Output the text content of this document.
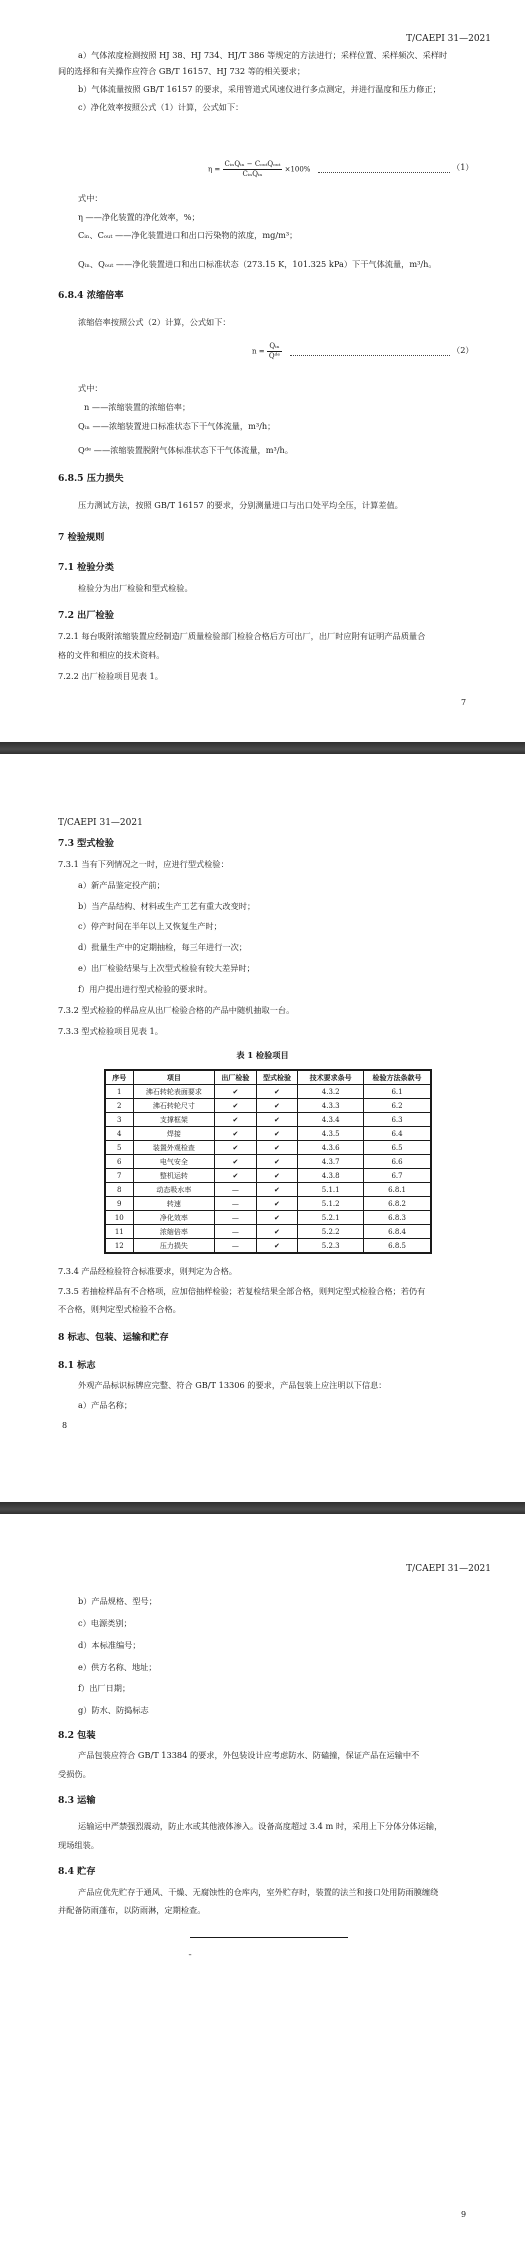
T/CAEPI 31—2021
a）气体浓度检测按照 HJ 38、HJ 734、HJ/T 386 等规定的方法进行；采样位置、采样频次、采样时
间的选择和有关操作应符合 GB/T 16157、HJ 732 等的相关要求；
b）气体流量按照 GB/T 16157 的要求，采用管道式风速仪进行多点测定，并进行温度和压力修正；
c）净化效率按照公式（1）计算，公式如下：
$\eta = \frac{\text{CᵢₙQᵢₙ − CₒᵤₜQₒᵤₜ}}{\text{CᵢₙQᵢₙ}} \times 100\%$	（1）
式中：
η ——净化装置的净化效率，%；
Cᵢₙ、Cₒᵤₜ ——净化装置进口和出口污染物的浓度，mg/m³；
Qᵢₙ、Qₒᵤₜ ——净化装置进口和出口标准状态（273.15 K，101.325 kPa）下干气体流量，m³/h。
6.8.4 浓缩倍率
浓缩倍率按照公式（2）计算，公式如下：
$n = \frac{\text{Qᵢₙ}}{\text{Qᵈᵉ}}$	（2）
式中：
n ——浓缩装置的浓缩倍率；
Qᵢₙ ——浓缩装置进口标准状态下干气体流量，m³/h；
Qᵈᵉ ——浓缩装置脱附气体标准状态下干气体流量，m³/h。
6.8.5 压力损失
压力测试方法，按照 GB/T 16157 的要求，分别测量进口与出口处平均全压，计算差值。
7 检验规则
7.1 检验分类
检验分为出厂检验和型式检验。
7.2 出厂检验
7.2.1 每台吸附浓缩装置应经制造厂质量检验部门检验合格后方可出厂，出厂时应附有证明产品质量合
格的文件和相应的技术资料。
7.2.2 出厂检验项目见表 1。
7
T/CAEPI 31—2021
7.3 型式检验
7.3.1 当有下列情况之一时，应进行型式检验：
a）新产品鉴定投产前；
b）当产品结构、材料或生产工艺有重大改变时；
c）停产时间在半年以上又恢复生产时；
d）批量生产中的定期抽检，每三年进行一次；
e）出厂检验结果与上次型式检验有较大差异时；
f）用户提出进行型式检验的要求时。
7.3.2 型式检验的样品应从出厂检验合格的产品中随机抽取一台。
7.3.3 型式检验项目见表 1。
表 1 检验项目
序号	项目	出厂检验	型式检验	技术要求条号	检验方法条款号
1	沸石转轮表面要求	✔	✔	4.3.2	6.1
2	沸石转轮尺寸	✔	✔	4.3.3	6.2
3	支撑框架	✔	✔	4.3.4	6.3
4	焊接	✔	✔	4.3.5	6.4
5	装置外观检查	✔	✔	4.3.6	6.5
6	电气安全	✔	✔	4.3.7	6.6
7	整机运转	✔	✔	4.3.8	6.7
8	动态吸水率	—	✔	5.1.1	6.8.1
9	转速	—	✔	5.1.2	6.8.2
10	净化效率	—	✔	5.2.1	6.8.3
11	浓缩倍率	—	✔	5.2.2	6.8.4
12	压力损失	—	✔	5.2.3	6.8.5
7.3.4 产品经检验符合标准要求，则判定为合格。
7.3.5 若抽检样品有不合格项，应加倍抽样检验；若复检结果全部合格，则判定型式检验合格；若仍有
不合格，则判定型式检验不合格。
8 标志、包装、运输和贮存
8.1 标志
外观产品标识标牌应完整、符合 GB/T 13306 的要求，产品包装上应注明以下信息：
a）产品名称；
8
T/CAEPI 31—2021
b）产品规格、型号；
c）电源类别；
d）本标准编号；
e）供方名称、地址；
f）出厂日期；
g）防水、防捣标志
8.2 包装
产品包装应符合 GB/T 13384 的要求，外包装设计应考虑防水、防磕撞，保证产品在运输中不
受损伤。
8.3 运输
运输运中严禁强烈震动，防止水或其他液体渗入。设备高度超过 3.4 m 时，采用上下分体分体运输，
现场组装。
8.4 贮存
产品应优先贮存于通风、干燥、无腐蚀性的仓库内，室外贮存时，装置的法兰和接口处用防雨膜缠绕
并配备防雨蓬布，以防雨淋，定期检查。
ˍ
9
